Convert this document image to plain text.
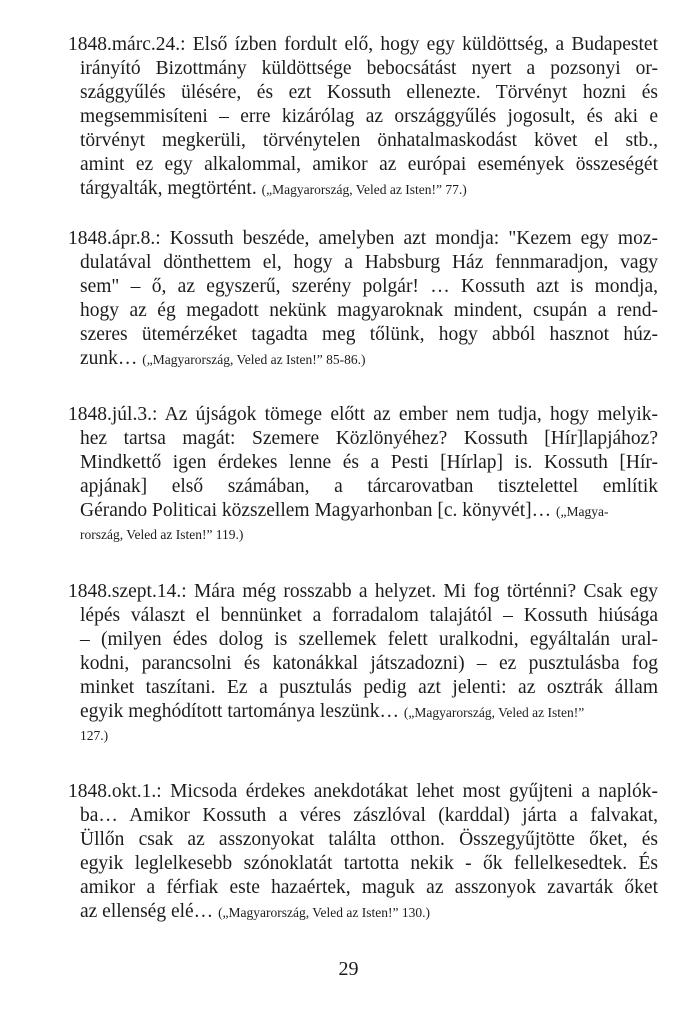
1848.márc.24.: Első ízben fordult elő, hogy egy küldöttség, a Budapestet
irányító Bizottmány küldöttsége bebocsátást nyert a pozsonyi or-
szággyűlés ülésére, és ezt Kossuth ellenezte. Törvényt hozni és
megsemmisíteni – erre kizárólag az országgyűlés jogosult, és aki e
törvényt megkerüli, törvénytelen önhatalmaskodást követ el stb.,
amint ez egy alkalommal, amikor az európai események összeségét
tárgyalták, megtörtént. („Magyarország, Veled az Isten!” 77.)
1848.ápr.8.: Kossuth beszéde, amelyben azt mondja: "Kezem egy moz-
dulatával dönthettem el, hogy a Habsburg Ház fennmaradjon, vagy
sem" – ő, az egyszerű, szerény polgár! … Kossuth azt is mondja,
hogy az ég megadott nekünk magyaroknak mindent, csupán a rend-
szeres ütemérzéket tagadta meg tőlünk, hogy abból hasznot húz-
zunk… („Magyarország, Veled az Isten!” 85-86.)
1848.júl.3.: Az újságok tömege előtt az ember nem tudja, hogy melyik-
hez tartsa magát: Szemere Közlönyéhez? Kossuth [Hír]lapjához?
Mindkettő igen érdekes lenne és a Pesti [Hírlap] is. Kossuth [Hír-
apjának] első számában, a tárcarovatban tisztelettel említik
Gérando Politicai közszellem Magyarhonban [c. könyvét]… („Magya-
rország, Veled az Isten!” 119.)
1848.szept.14.: Mára még rosszabb a helyzet. Mi fog történni? Csak egy
lépés választ el bennünket a forradalom talajától – Kossuth hiúsága
– (milyen édes dolog is szellemek felett uralkodni, egyáltalán ural-
kodni, parancsolni és katonákkal játszadozni) – ez pusztulásba fog
minket taszítani. Ez a pusztulás pedig azt jelenti: az osztrák állam
egyik meghódított tartománya leszünk… („Magyarország, Veled az Isten!”
127.)
1848.okt.1.: Micsoda érdekes anekdotákat lehet most gyűjteni a naplók-
ba… Amikor Kossuth a véres zászlóval (karddal) járta a falvakat,
Üllőn csak az asszonyokat találta otthon. Összegyűjtötte őket, és
egyik leglelkesebb szónoklatát tartotta nekik - ők fellelkesedtek. És
amikor a férfiak este hazaértek, maguk az asszonyok zavarták őket
az ellenség elé… („Magyarország, Veled az Isten!” 130.)
29
